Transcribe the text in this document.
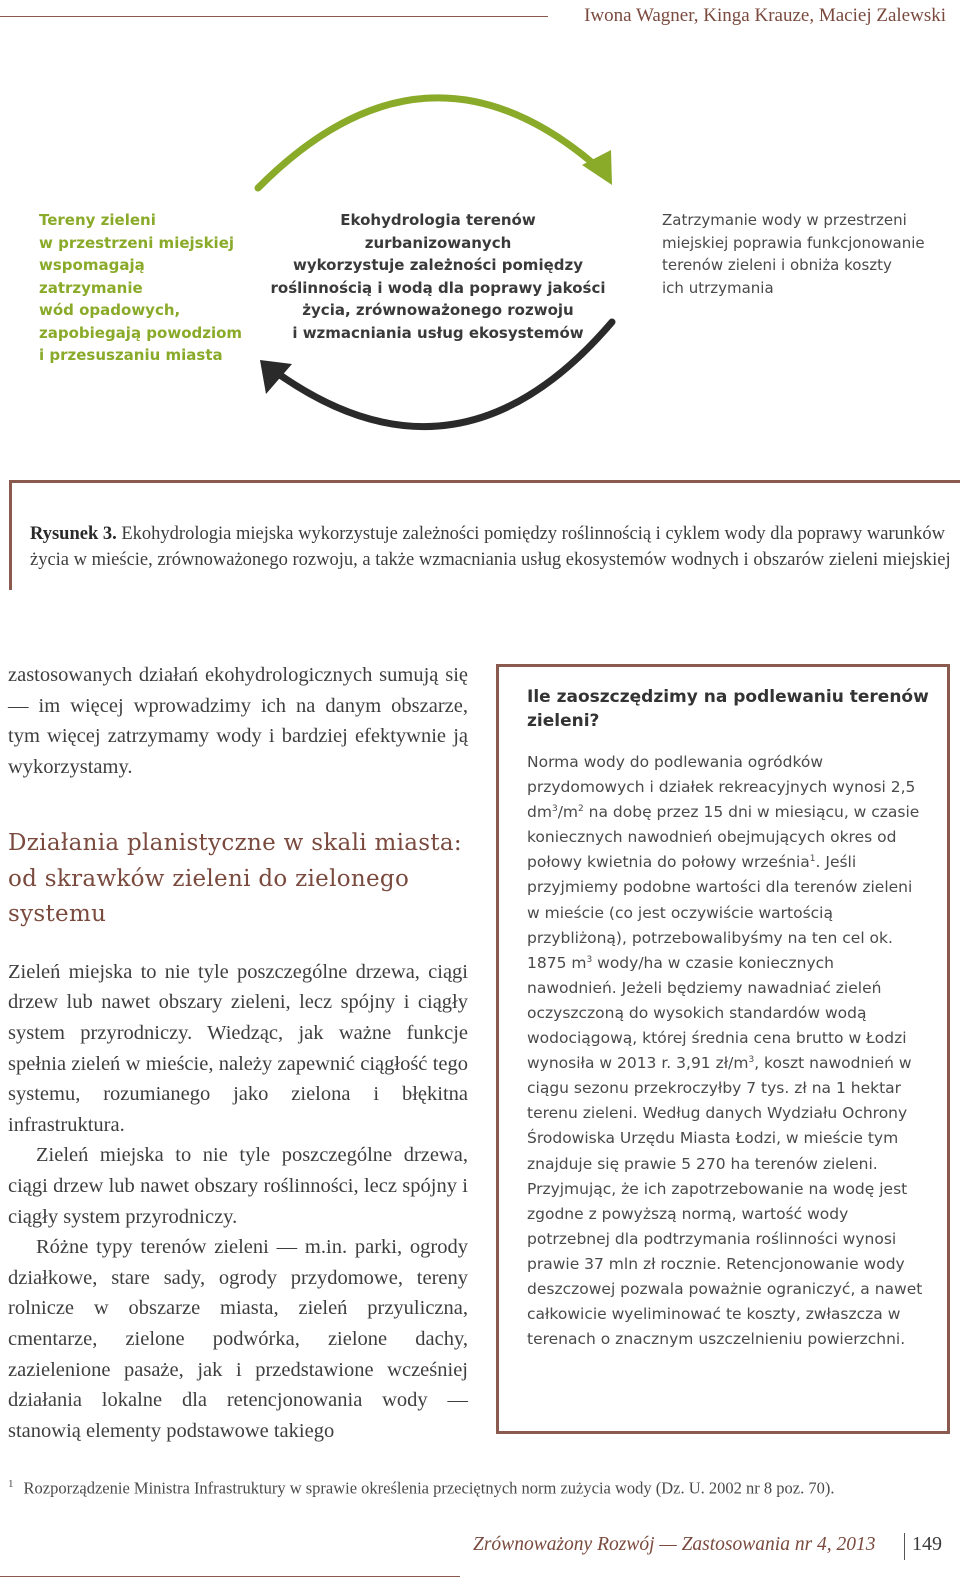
Iwona Wagner, Kinga Krauze, Maciej Zalewski
Tereny zieleni
w przestrzeni miejskiej
wspomagają zatrzymanie
wód opadowych,
zapobiegają powodziom
i przesuszaniu miasta
Ekohydrologia terenów zurbanizowanych
wykorzystuje zależności pomiędzy
roślinnością i wodą dla poprawy jakości
życia, zrównoważonego rozwoju
i wzmacniania usług ekosystemów
Zatrzymanie wody w przestrzeni
miejskiej poprawia funkcjonowanie
terenów zieleni i obniża koszty
ich utrzymania
Rysunek 3. Ekohydrologia miejska wykorzystuje zależności pomiędzy roślinnością i cyklem wody dla poprawy warunków życia w mieście, zrównoważonego rozwoju, a także wzmacniania usług ekosystemów wodnych i obszarów zieleni miejskiej

zastosowanych działań ekohydrologicznych sumują się — im więcej wprowadzimy ich na danym obszarze, tym więcej zatrzymamy wody i bardziej efektywnie ją wykorzystamy.

Działania planistyczne w skali miasta: od skrawków zieleni do zielonego systemu

Zieleń miejska to nie tyle poszczególne drzewa, ciągi drzew lub nawet obszary zieleni, lecz spójny i ciągły system przyrodniczy. Wiedząc, jak ważne funkcje spełnia zieleń w mieście, należy zapewnić ciągłość tego systemu, rozumianego jako zielona i błękitna infrastruktura.

Zieleń miejska to nie tyle poszczególne drzewa, ciągi drzew lub nawet obszary roślinności, lecz spójny i ciągły system przyrodniczy.

Różne typy terenów zieleni — m.in. parki, ogrody działkowe, stare sady, ogrody przydomowe, tereny rolnicze w obszarze miasta, zieleń przyuliczna, cmentarze, zielone podwórka, zielone dachy, zazielenione pasaże, jak i przedstawione wcześniej działania lokalne dla retencjonowania wody — stanowią elementy podstawowe takiego

Ile zaoszczędzimy na podlewaniu terenów zieleni?
Norma wody do podlewania ogródków przydomowych i działek rekreacyjnych wynosi 2,5 $dm^3/m^2$ na dobę przez 15 dni w miesiącu, w czasie koniecznych nawodnień obejmujących okres od połowy kwietnia do połowy września$^1$. Jeśli przyjmiemy podobne wartości dla terenów zieleni w mieście (co jest oczywiście wartością przybliżoną), potrzebowalibyśmy na ten cel ok. 1875 $m^3$ wody/ha w czasie koniecznych nawodnień. Jeżeli będziemy nawadniać zieleń oczyszczoną do wysokich standardów wodą wodociągową, której średnia cena brutto w Łodzi wynosiła w 2013 r. 3,91 $zł/m^3$, koszt nawodnień w ciągu sezonu przekroczyłby 7 tys. zł na 1 hektar terenu zieleni. Według danych Wydziału Ochrony Środowiska Urzędu Miasta Łodzi, w mieście tym znajduje się prawie 5 270 ha terenów zieleni. Przyjmując, że ich zapotrzebowanie na wodę jest zgodne z powyższą normą, wartość wody potrzebnej dla podtrzymania roślinności wynosi prawie 37 mln zł rocznie. Retencjonowanie wody deszczowej pozwala poważnie ograniczyć, a nawet całkowicie wyeliminować te koszty, zwłaszcza w terenach o znacznym uszczelnieniu powierzchni.
$^1$ Rozporządzenie Ministra Infrastruktury w sprawie określenia przeciętnych norm zużycia wody (Dz. U. 2002 nr 8 poz. 70).
Zrównoważony Rozwój — Zastosowania nr 4, 2013 149
